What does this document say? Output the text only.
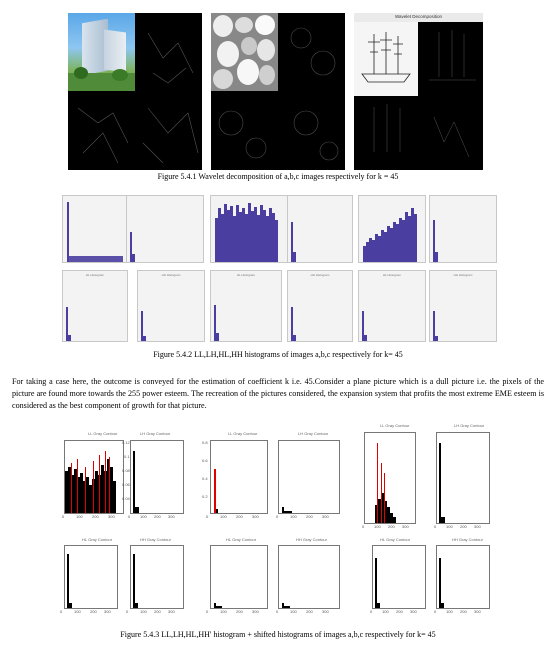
Wavelet Decomposition
Figure 5.4.1 Wavelet decomposition of a,b,c images respectively for k = 45
HL Histogram	HH Histogram	HL Histogram	HH Histogram	HL Histogram	HH Histogram
Figure 5.4.2 LL,LH,HL,HH histograms of images a,b,c respectively for k= 45
For taking a case here, the outcome is conveyed for the estimation of coefficient k i.e. 45.Consider a plane picture which is a dull picture i.e. the pixels of the picture are found more towards the 255 power esteem. The recreation of the pictures considered, the expansion system that profits the most extreme EME esteem is considered as the best component of growth for that picture.
LL Gray Contour
0	100 200 300
LH Gray Contour
0.12
0.1
0.08
0.06
0.04
0 100 200 300
HL Gray Contour
0	100 200 300
HH Gray Contour
0	100 200 300
LL Gray Contour
0.8
0.6
0.4
0.2
0	100 200 300
LH Gray Contour
0	100 200 300
HL Gray Contour
0	100 200 300
HH Gray Contour
0	100 200 300
LL Gray Contour
0 100 200 300
LH Gray Contour
0 100 200 300
HL Gray Contour
0 100 200 300
HH Gray Contour
0 100 200 300
Figure 5.4.3 LL,LH,HL,HH' histogram + shifted histograms of images a,b,c respectively for k= 45
